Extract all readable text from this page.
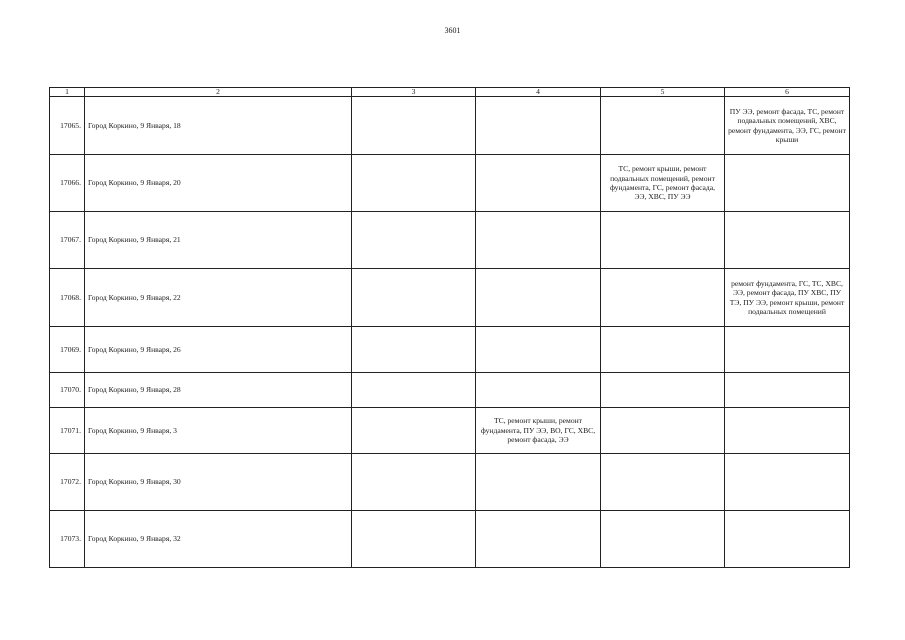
3601
1	2	3	4	5	6
17065.	Город Коркино, 9 Января, 18				ПУ ЭЭ, ремонт фасада, ТС, ремонт подвальных помещений, ХВС, ремонт фундамента, ЭЭ, ГС, ремонт крыши
17066.	Город Коркино, 9 Января, 20			ТС, ремонт крыши, ремонт подвальных помещений, ремонт фундамента, ГС, ремонт фасада, ЭЭ, ХВС, ПУ ЭЭ	
17067.	Город Коркино, 9 Января, 21				
17068.	Город Коркино, 9 Января, 22				ремонт фундамента, ГС, ТС, ХВС, ЭЭ, ремонт фасада, ПУ ХВС, ПУ ТЭ, ПУ ЭЭ, ремонт крыши, ремонт подвальных помещений
17069.	Город Коркино, 9 Января, 26				
17070.	Город Коркино, 9 Января, 28				
17071.	Город Коркино, 9 Января, 3		ТС, ремонт крыши, ремонт фундамента, ПУ ЭЭ, ВО, ГС, ХВС, ремонт фасада, ЭЭ		
17072.	Город Коркино, 9 Января, 30				
17073.	Город Коркино, 9 Января, 32				
